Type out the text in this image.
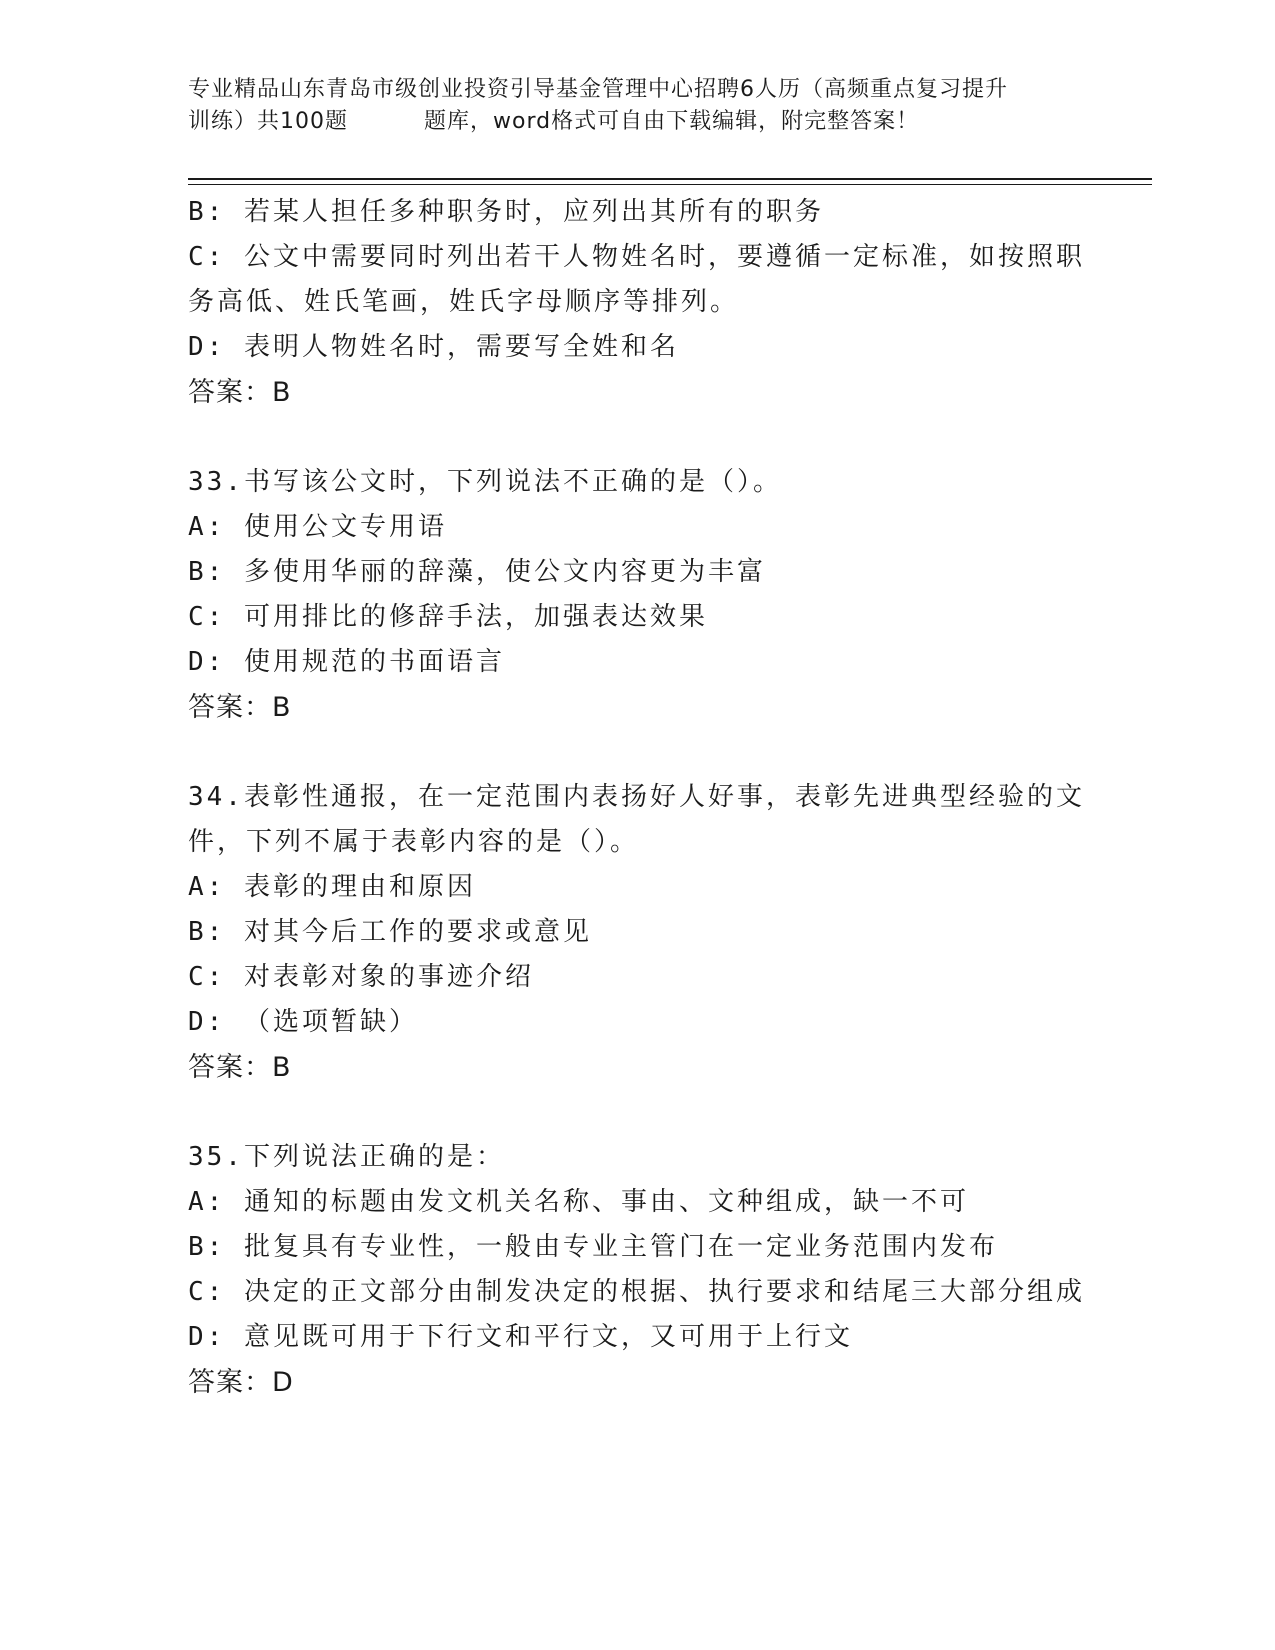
专业精品山东青岛市级创业投资引导基金管理中心招聘6人历（高频重点复习提升
训练）共100题	题库，word格式可自由下载编辑，附完整答案！
B: 若某人担任多种职务时，应列出其所有的职务
C: 公文中需要同时列出若干人物姓名时，要遵循一定标准，如按照职
务高低、姓氏笔画，姓氏字母顺序等排列。
D: 表明人物姓名时，需要写全姓和名
答案：B
33.书写该公文时，下列说法不正确的是（）。
A: 使用公文专用语
B: 多使用华丽的辞藻，使公文内容更为丰富
C: 可用排比的修辞手法，加强表达效果
D: 使用规范的书面语言
答案：B
34.表彰性通报，在一定范围内表扬好人好事，表彰先进典型经验的文
件，下列不属于表彰内容的是（）。
A: 表彰的理由和原因
B: 对其今后工作的要求或意见
C: 对表彰对象的事迹介绍
D: （选项暂缺）
答案：B
35.下列说法正确的是：
A: 通知的标题由发文机关名称、事由、文种组成，缺一不可
B: 批复具有专业性，一般由专业主管门在一定业务范围内发布
C: 决定的正文部分由制发决定的根据、执行要求和结尾三大部分组成
D: 意见既可用于下行文和平行文，又可用于上行文
答案：D
